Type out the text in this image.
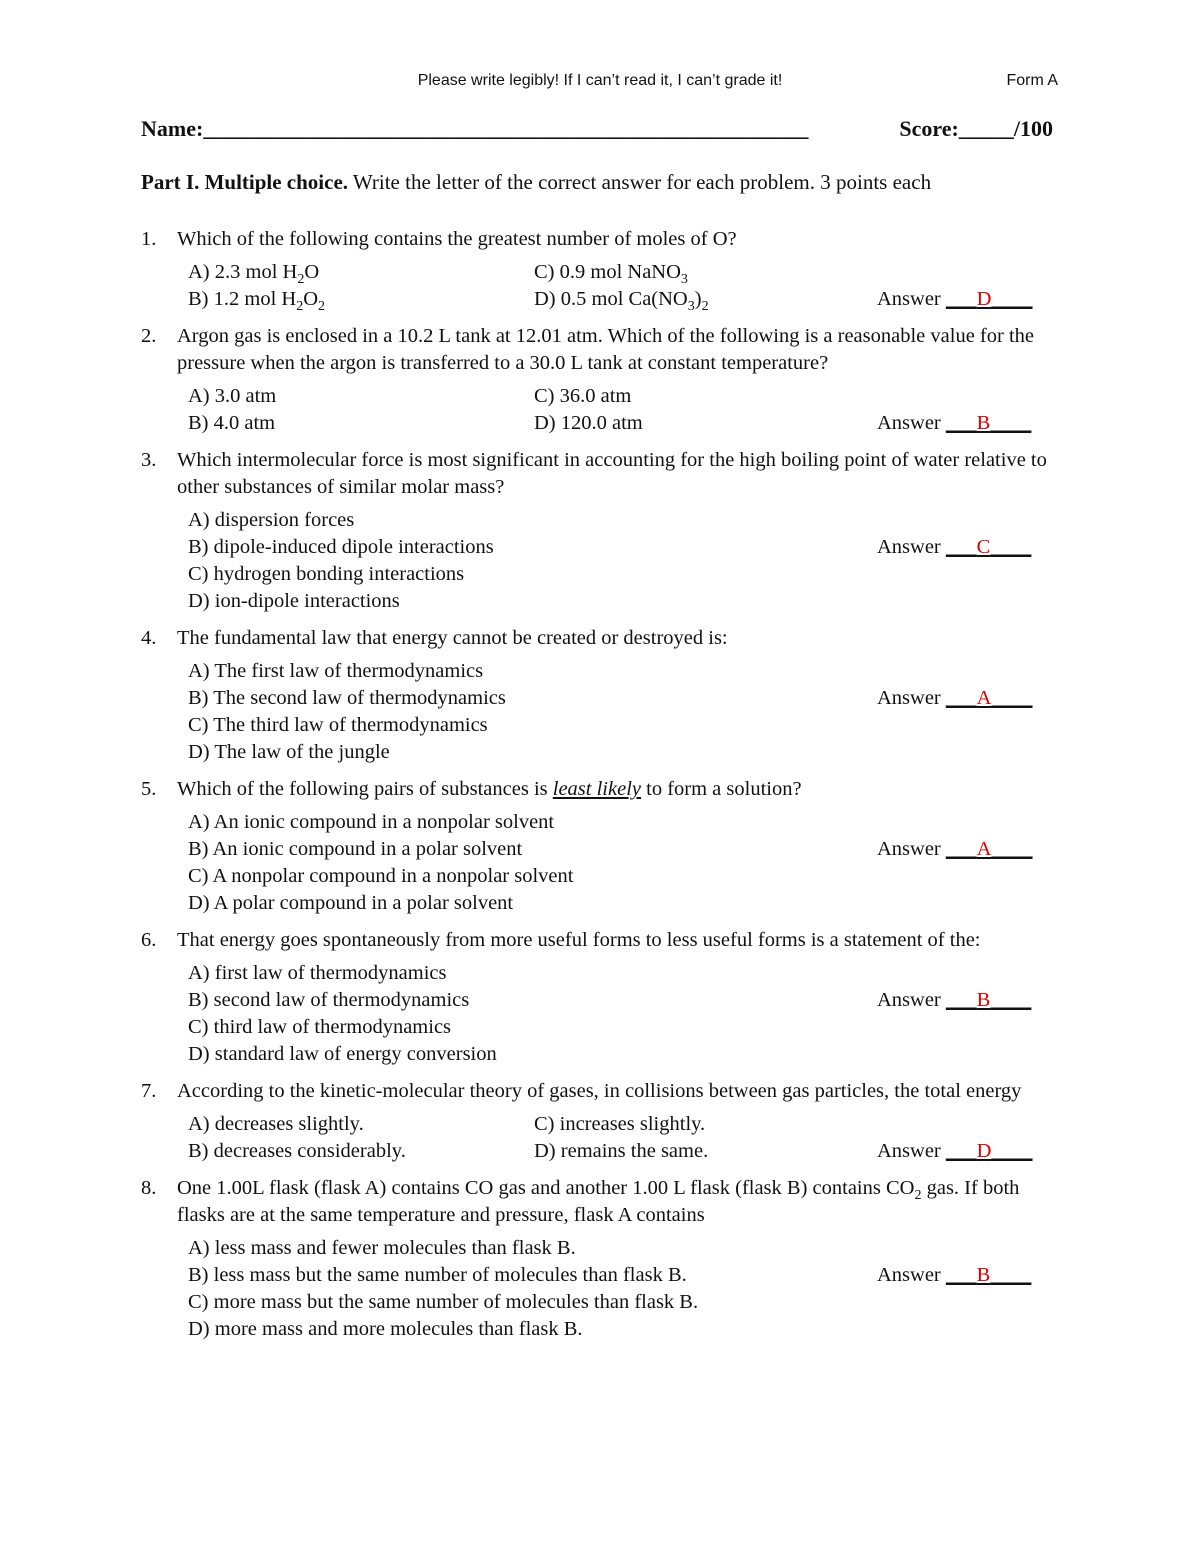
Please write legibly! If I can’t read it, I can’t grade it!	Form A
Name:_______________________________________________________	Score:_____/100
Part I. Multiple choice. Write the letter of the correct answer for each problem. 3 points each
1. Which of the following contains the greatest number of moles of O?
A) 2.3 mol $H_2O$	C) 0.9 mol NaNO$_3$
B) 1.2 mol $H_2O_2$	D) 0.5 mol $Ca(NO_3)_2$	Answer ___D____
2. Argon gas is enclosed in a 10.2 L tank at 12.01 atm. Which of the following is a reasonable value for the pressure when the argon is transferred to a 30.0 L tank at constant temperature?
A) 3.0 atm	C) 36.0 atm
B) 4.0 atm	D) 120.0 atm	Answer ___B____
3. Which intermolecular force is most significant in accounting for the high boiling point of water relative to other substances of similar molar mass?
A) dispersion forces
B) dipole-induced dipole interactions	Answer ___C____
C) hydrogen bonding interactions
D) ion-dipole interactions
4. The fundamental law that energy cannot be created or destroyed is:
A) The first law of thermodynamics
B) The second law of thermodynamics	Answer ___A____
C) The third law of thermodynamics
D) The law of the jungle
5. Which of the following pairs of substances is least likely to form a solution?
A) An ionic compound in a nonpolar solvent
B) An ionic compound in a polar solvent	Answer ___A____
C) A nonpolar compound in a nonpolar solvent
D) A polar compound in a polar solvent
6. That energy goes spontaneously from more useful forms to less useful forms is a statement of the:
A) first law of thermodynamics
B) second law of thermodynamics	Answer ___B____
C) third law of thermodynamics
D) standard law of energy conversion
7. According to the kinetic-molecular theory of gases, in collisions between gas particles, the total energy
A) decreases slightly.	C) increases slightly.
B) decreases considerably.	D) remains the same.	Answer ___D____
8. One 1.00L flask (flask A) contains CO gas and another 1.00 L flask (flask B) contains $CO_2$ gas. If both flasks are at the same temperature and pressure, flask A contains
A) less mass and fewer molecules than flask B.
B) less mass but the same number of molecules than flask B.	Answer ___B____
C) more mass but the same number of molecules than flask B.
D) more mass and more molecules than flask B.
